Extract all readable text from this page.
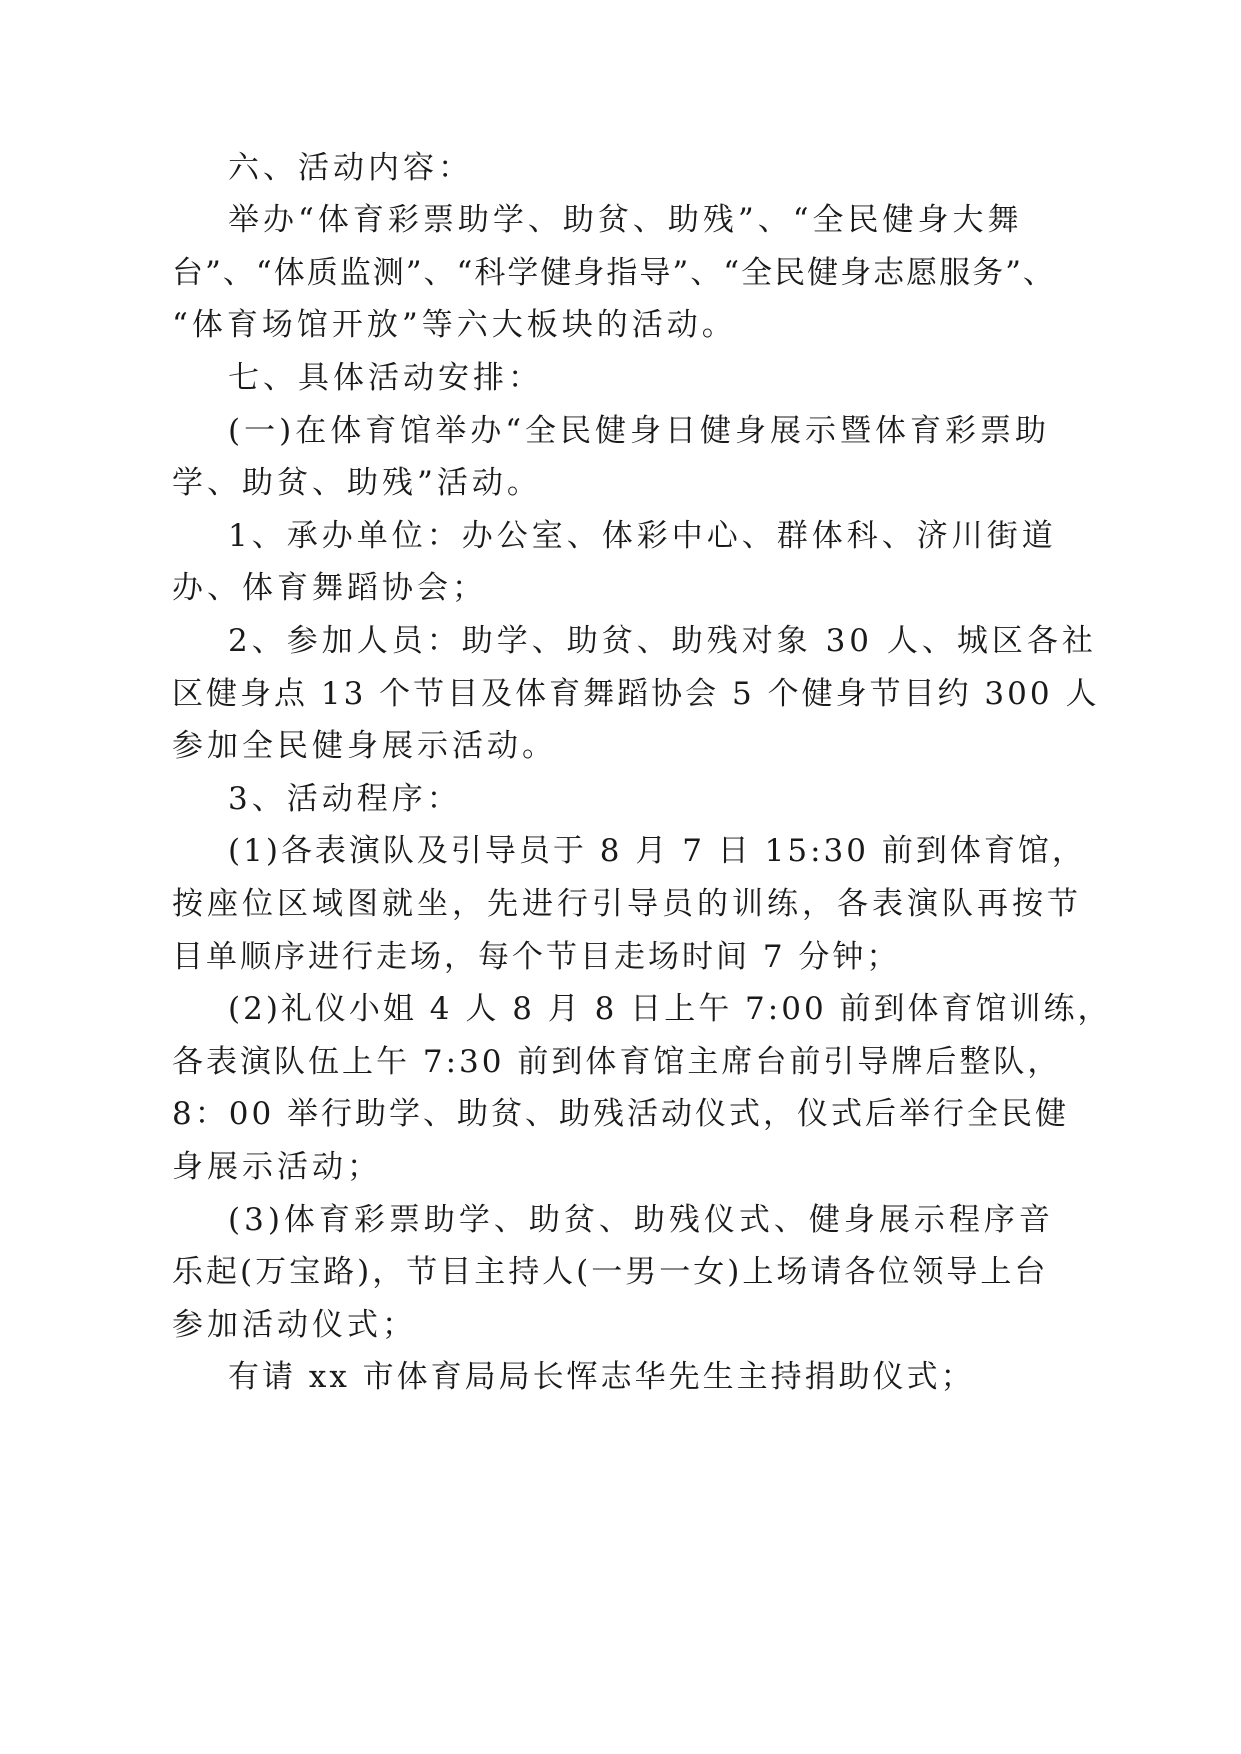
六、活动内容：
举办“体育彩票助学、助贫、助残”、“全民健身大舞
台”、“体质监测”、“科学健身指导”、“全民健身志愿服务”、
“体育场馆开放”等六大板块的活动。
七、具体活动安排：
(一)在体育馆举办“全民健身日健身展示暨体育彩票助
学、助贫、助残”活动。
1、承办单位：办公室、体彩中心、群体科、济川街道
办、体育舞蹈协会；
2、参加人员：助学、助贫、助残对象 30 人、城区各社
区健身点 13 个节目及体育舞蹈协会 5 个健身节目约 300 人
参加全民健身展示活动。
3、活动程序：
(1)各表演队及引导员于 8 月 7 日 15:30 前到体育馆，
按座位区域图就坐，先进行引导员的训练，各表演队再按节
目单顺序进行走场，每个节目走场时间 7 分钟；
(2)礼仪小姐 4 人 8 月 8 日上午 7:00 前到体育馆训练，
各表演队伍上午 7:30 前到体育馆主席台前引导牌后整队，
8：00 举行助学、助贫、助残活动仪式，仪式后举行全民健
身展示活动；
(3)体育彩票助学、助贫、助残仪式、健身展示程序音
乐起(万宝路)，节目主持人(一男一女)上场请各位领导上台
参加活动仪式；
有请 xx 市体育局局长恽志华先生主持捐助仪式；
